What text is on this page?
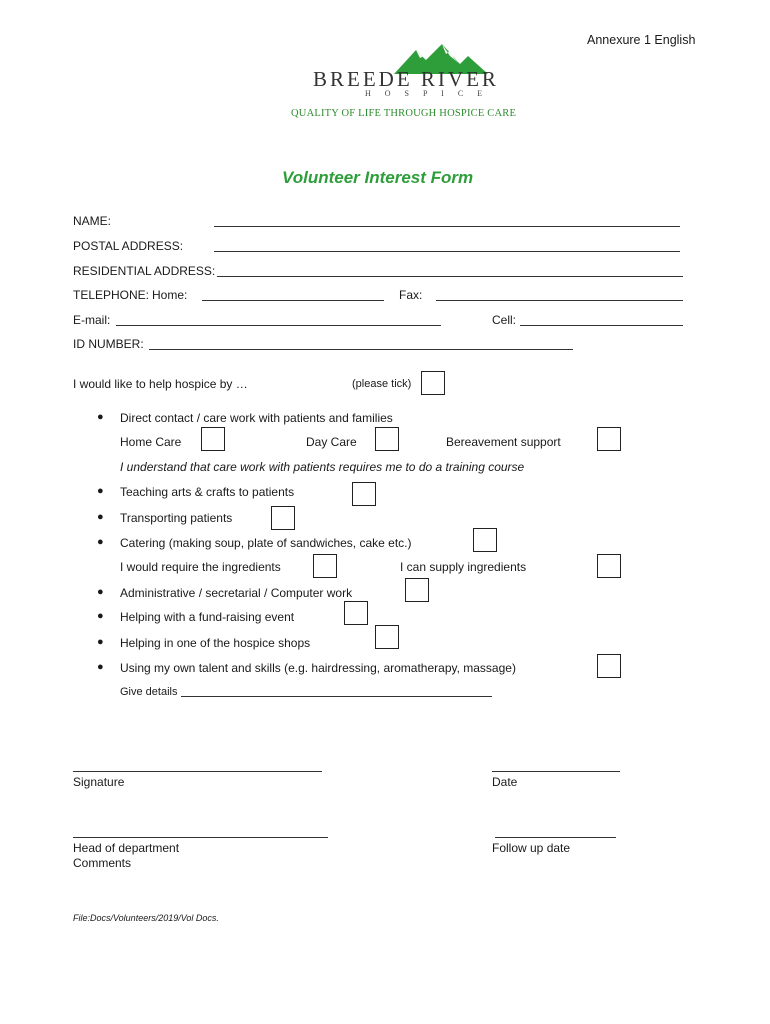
Annexure 1 English
BREEDE RIVER
H O S P I C E
QUALITY OF LIFE THROUGH HOSPICE CARE
Volunteer Interest Form
NAME:
POSTAL ADDRESS:
RESIDENTIAL ADDRESS:
TELEPHONE: Home:	Fax:
E-mail:	Cell:
ID NUMBER:
I would like to help hospice by …	(please tick)
● Direct contact / care work with patients and families
Home Care	Day Care	Bereavement support
I understand that care work with patients requires me to do a training course
● Teaching arts & crafts to patients
● Transporting patients
● Catering (making soup, plate of sandwiches, cake etc.)
I would require the ingredients	I can supply ingredients
● Administrative / secretarial / Computer work
● Helping with a fund-raising event
● Helping in one of the hospice shops
● Using my own talent and skills (e.g. hairdressing, aromatherapy, massage)
Give details
Signature	Date
Head of department	Follow up date
Comments
File:Docs/Volunteers/2019/Vol Docs.
